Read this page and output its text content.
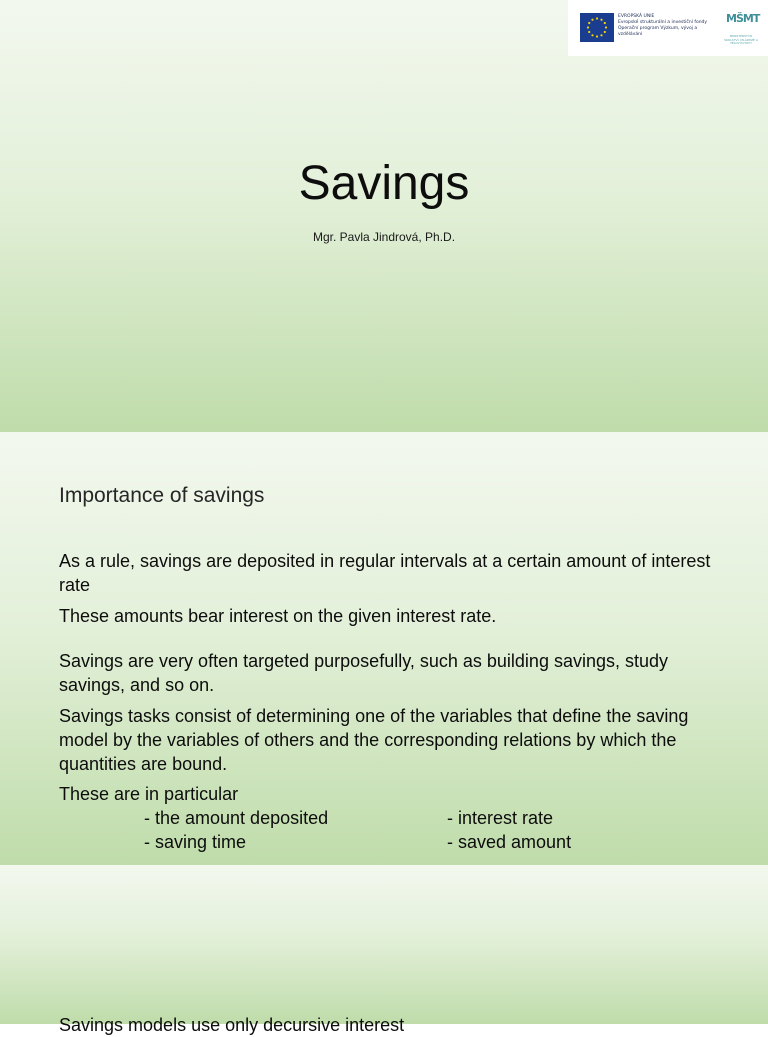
EVROPSKÁ UNIE
Evropské strukturální a investiční fondy
Operační program Výzkum, vývoj a vzdělávání
MŠMT
MINISTERSTVO ŠKOLSTVÍ, MLÁDEŽE A TĚLOVÝCHOVY
Savings
Mgr. Pavla Jindrová, Ph.D.
Importance of savings
As a rule, savings are deposited in regular intervals at a certain amount of interest rate
These amounts bear interest on the given interest rate.
Savings are very often targeted purposefully, such as building savings, study savings, and so on.
Savings tasks consist of determining one of the variables that define the saving model by the variables of others and the corresponding relations by which the quantities are bound.
These are in particular
- the amount deposited	- interest rate
- saving time	- saved amount
Savings models use only decursive interest
